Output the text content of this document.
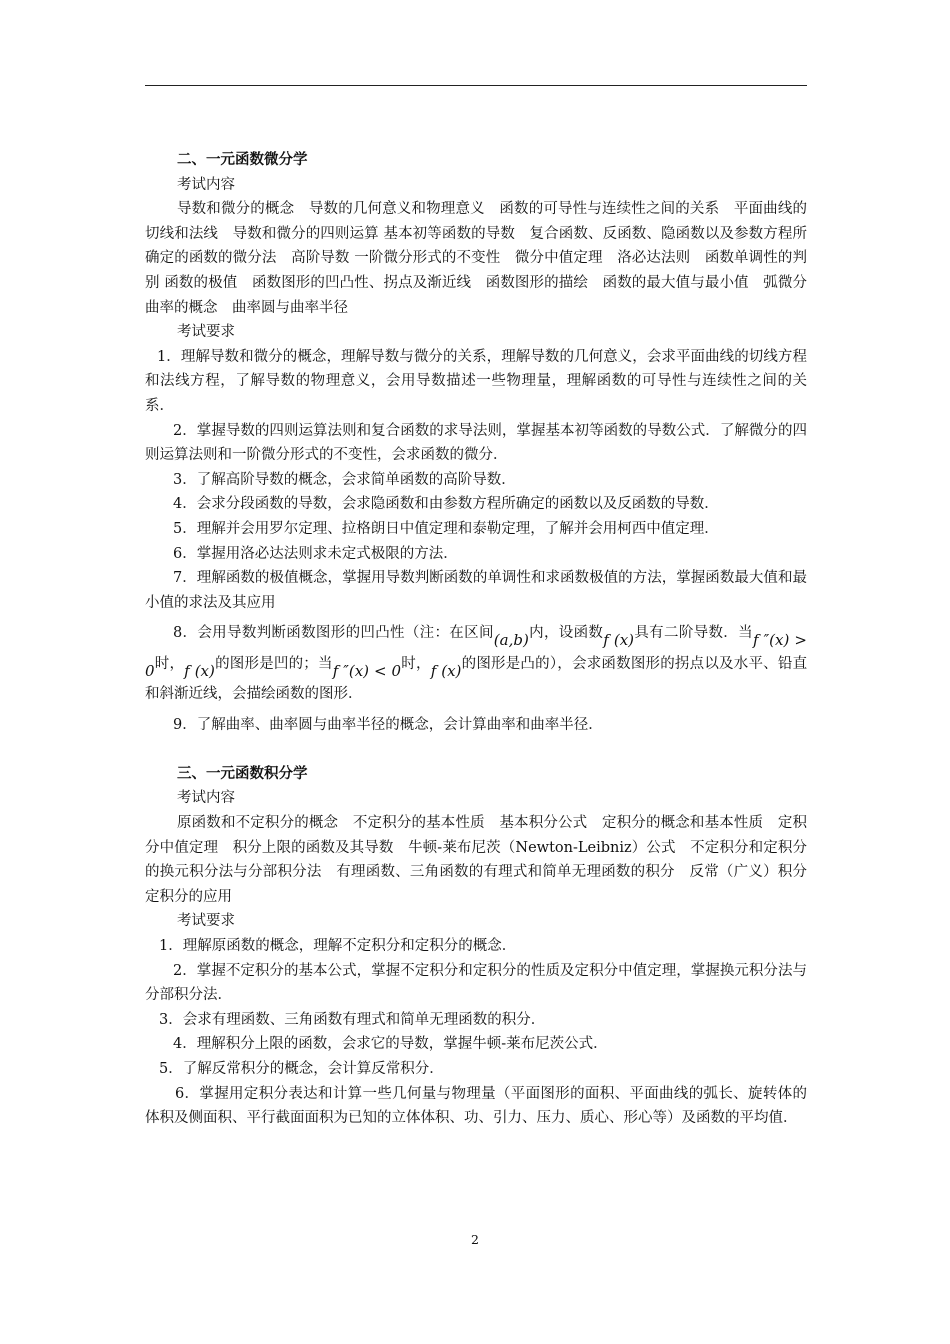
二、一元函数微分学
考试内容
导数和微分的概念　导数的几何意义和物理意义　函数的可导性与连续性之间的关系　平面曲线的切线和法线　导数和微分的四则运算 基本初等函数的导数　复合函数、反函数、隐函数以及参数方程所确定的函数的微分法　高阶导数 一阶微分形式的不变性　微分中值定理　洛必达法则　函数单调性的判别 函数的极值　函数图形的凹凸性、拐点及渐近线　函数图形的描绘　函数的最大值与最小值　弧微分　曲率的概念　曲率圆与曲率半径
考试要求
1．理解导数和微分的概念，理解导数与微分的关系，理解导数的几何意义，会求平面曲线的切线方程和法线方程，了解导数的物理意义，会用导数描述一些物理量，理解函数的可导性与连续性之间的关系．
2．掌握导数的四则运算法则和复合函数的求导法则，掌握基本初等函数的导数公式．了解微分的四则运算法则和一阶微分形式的不变性，会求函数的微分．
3．了解高阶导数的概念，会求简单函数的高阶导数．
4．会求分段函数的导数，会求隐函数和由参数方程所确定的函数以及反函数的导数．
5．理解并会用罗尔定理、拉格朗日中值定理和泰勒定理，了解并会用柯西中值定理．
6．掌握用洛必达法则求未定式极限的方法．
7．理解函数的极值概念，掌握用导数判断函数的单调性和求函数极值的方法，掌握函数最大值和最小值的求法及其应用
8．会用导数判断函数图形的凹凸性（注：在区间(a,b)内，设函数f (x)具有二阶导数．当f ″(x) > 0时，f (x)的图形是凹的；当f ″(x) < 0时，f (x)的图形是凸的），会求函数图形的拐点以及水平、铅直和斜渐近线，会描绘函数的图形．
9．了解曲率、曲率圆与曲率半径的概念，会计算曲率和曲率半径．
三、一元函数积分学
考试内容
原函数和不定积分的概念　不定积分的基本性质　基本积分公式　定积分的概念和基本性质　定积分中值定理　积分上限的函数及其导数　牛顿-莱布尼茨（Newton-Leibniz）公式　不定积分和定积分的换元积分法与分部积分法　有理函数、三角函数的有理式和简单无理函数的积分　反常（广义）积分　定积分的应用
考试要求
1．理解原函数的概念，理解不定积分和定积分的概念．
2．掌握不定积分的基本公式，掌握不定积分和定积分的性质及定积分中值定理，掌握换元积分法与分部积分法．
3．会求有理函数、三角函数有理式和简单无理函数的积分．
4．理解积分上限的函数，会求它的导数，掌握牛顿-莱布尼茨公式．
5．了解反常积分的概念，会计算反常积分．
6．掌握用定积分表达和计算一些几何量与物理量（平面图形的面积、平面曲线的弧长、旋转体的体积及侧面积、平行截面面积为已知的立体体积、功、引力、压力、质心、形心等）及函数的平均值．
2
